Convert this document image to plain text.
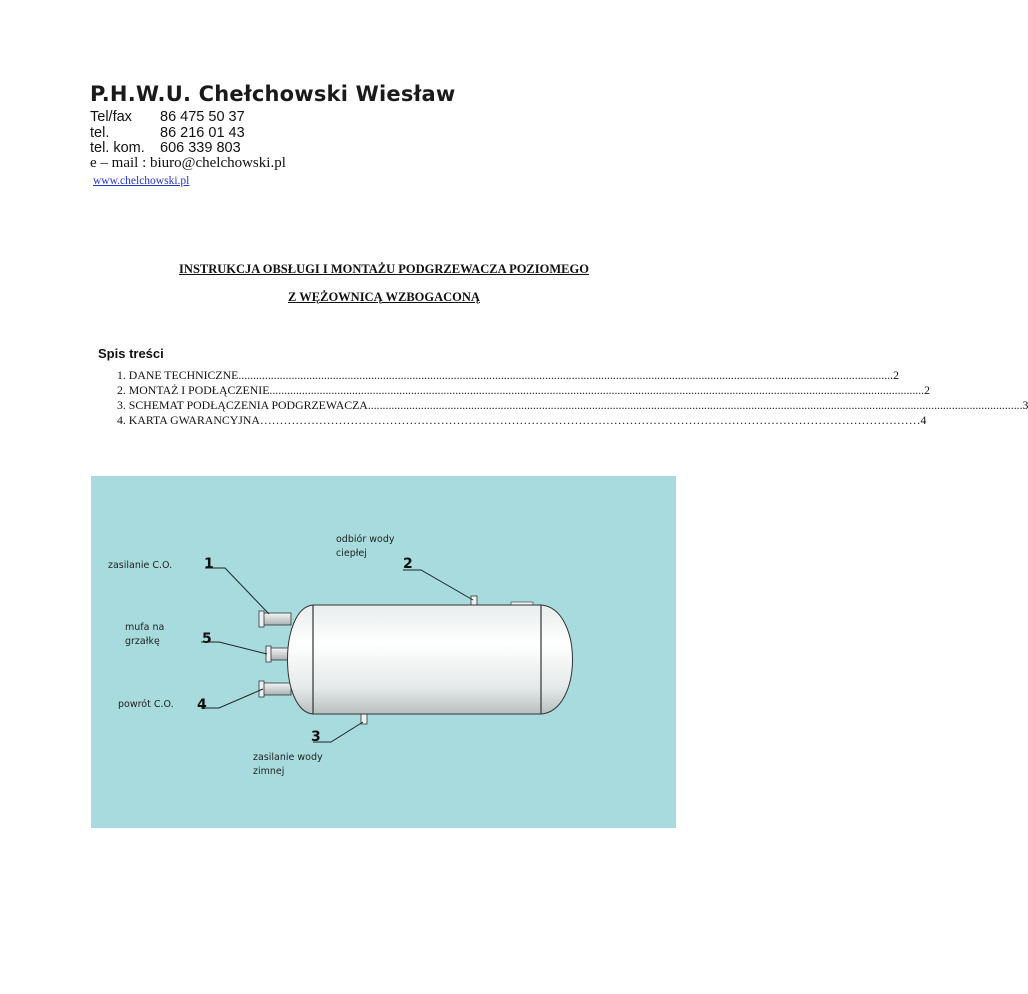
P.H.W.U. Chełchowski Wiesław
Tel/fax 86 475 50 37
tel.	86 216 01 43
tel. kom. 606 339 803
e – mail : biuro@chelchowski.pl
www.chelchowski.pl
INSTRUKCJA OBSŁUGI I MONTAŻU PODGRZEWACZA POZIOMEGO
Z WĘŻOWNICĄ WZBOGACONĄ
Spis treści
1. DANE TECHNICZNE .............................................................................................................................................................................................................................. 2
2. MONTAŻ I PODŁĄCZENIE .............................................................................................................................................................................................................................. 2
3. SCHEMAT PODŁĄCZENIA PODGRZEWACZA .............................................................................................................................................................................................................................. 3
4. KARTA GWARANCYJNA …………………………………………………………………………………………………………………………………………………… 4
zasilanie C.O. 1
odbiór wody
ciepłej
2
mufa na
grzałkę	5
powrót C.O. 4
3
zasilanie wody
zimnej
